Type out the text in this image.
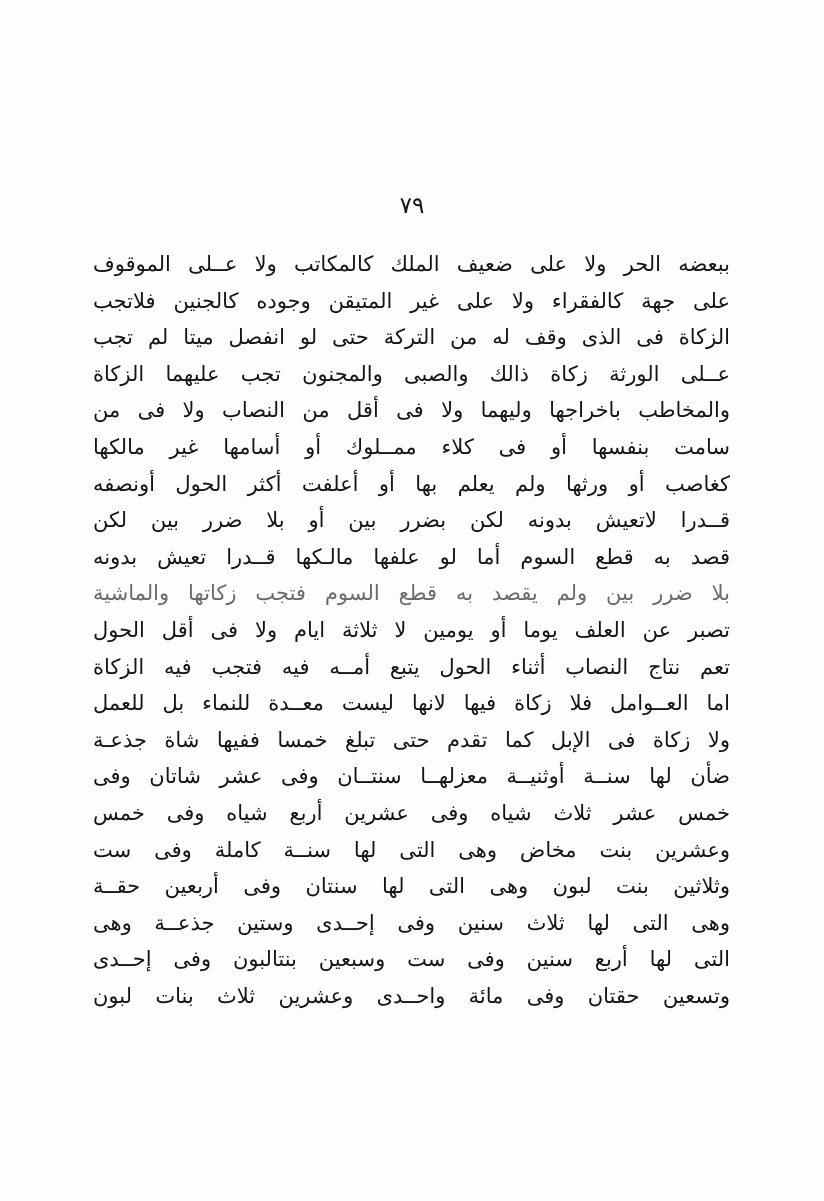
٧٩
ببعضه الحر ولا على ضعيف الملك كالمكاتب ولا عــلى الموقوف
على جهة كالفقراء ولا على غير المتيقن وجوده كالجنين فلاتجب
الزكاة فى الذى وقف له من التركة حتى لو انفصل ميتا لم تجب
عــلى الورثة زكاة ذالك والصبى والمجنون تجب عليهما الزكاة
والمخاطب باخراجها وليهما ولا فى أقل من النصاب ولا فى من
سامت بنفسها أو فى كلاء ممــلوك أو أسامها غير مالكها
كغاصب أو ورثها ولم يعلم بها أو أعلفت أكثر الحول أونصفه
قــدرا لاتعيش بدونه لكن بضرر بين أو بلا ضرر بين لكن
قصد به قطع السوم أما لو علفها مالـكها قــدرا تعيش بدونه
بلا ضرر بين ولم يقصد به قطع السوم فتجب زكاتها والماشية
تصبر عن العلف يوما أو يومين لا ثلاثة ايام ولا فى أقل الحول
تعم نتاج النصاب أثناء الحول يتبع أمــه فيه فتجب فيه الزكاة
اما العــوامل فلا زكاة فيها لانها ليست معــدة للنماء بل للعمل
ولا زكاة فى الإبل كما تقدم حتى تبلغ خمسا ففيها شاة جذعـة
ضأن لها سنــة أوثنيــة معزلهــا سنتــان وفى عشر شاتان وفى
خمس عشر ثلاث شياه وفى عشرين أربع شياه وفى خمس
وعشرين بنت مخاض وهى التى لها سنــة كاملة وفى ست
وثلاثين بنت لبون وهى التى لها سنتان وفى أربعين حقــة
وهى التى لها ثلاث سنين وفى إحــدى وستين جذعــة وهى
التى لها أربع سنين وفى ست وسبعين بنتالبون وفى إحــدى
وتسعين حقتان وفى مائة واحــدى وعشرين ثلاث بنات لبون
